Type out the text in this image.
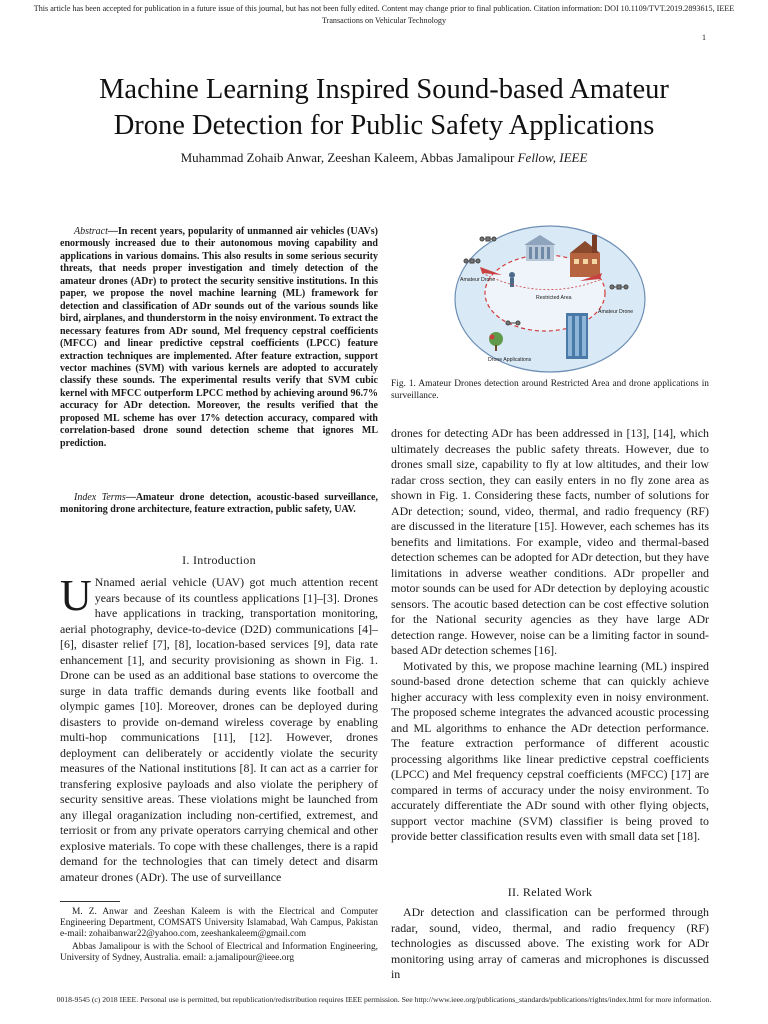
This article has been accepted for publication in a future issue of this journal, but has not been fully edited. Content may change prior to final publication. Citation information: DOI 10.1109/TVT.2019.2893615, IEEE
Transactions on Vehicular Technology
1
Machine Learning Inspired Sound-based Amateur
Drone Detection for Public Safety Applications
Muhammad Zohaib Anwar, Zeeshan Kaleem, Abbas Jamalipour Fellow, IEEE

Abstract—In recent years, popularity of unmanned air vehicles (UAVs) enormously increased due to their autonomous moving capability and applications in various domains. This also results in some serious security threats, that needs proper investigation and timely detection of the amateur drones (ADr) to protect the security sensitive institutions. In this paper, we propose the novel machine learning (ML) framework for detection and classification of ADr sounds out of the various sounds like bird, airplanes, and thunderstorm in the noisy environment. To extract the necessary features from ADr sound, Mel frequency cepstral coefficients (MFCC) and linear predictive cepstral coefficients (LPCC) feature extraction techniques are implemented. After feature extraction, support vector machines (SVM) with various kernels are adopted to accurately classify these sounds. The experimental results verify that SVM cubic kernel with MFCC outperform LPCC method by achieving around 96.7% accuracy for ADr detection. Moreover, the results verified that the proposed ML scheme has over 17% detection accuracy, compared with correlation-based drone sound detection scheme that ignores ML prediction.

Index Terms—Amateur drone detection, acoustic-based surveillance, monitoring drone architecture, feature extraction, public safety, UAV.

I. Introduction

U Nnamed aerial vehicle (UAV) got much attention recent years because of its countless applications [1]–[3]. Drones have applications in tracking, transportation monitoring, aerial photography, device-to-device (D2D) communications [4]–[6], disaster relief [7], [8], location-based services [9], data rate enhancement [1], and security provisioning as shown in Fig. 1. Drone can be used as an additional base stations to overcome the surge in data traffic demands during events like football and olympic games [10]. Moreover, drones can be deployed during disasters to provide on-demand wireless coverage by enabling multi-hop communications [11], [12]. However, drones deployment can deliberately or accidently violate the security measures of the National institutions [8]. It can act as a carrier for transfering explosive payloads and also violate the periphery of security sensitive areas. These violations might be launched from any illegal oraganization including non-certified, extremest, and terriosit or from any private operators carrying chemical and other explosive materials. To cope with these challenges, there is a rapid demand for the technologies that can timely detect and disarm amateur drones (ADr). The use of surveillance

M. Z. Anwar and Zeeshan Kaleem is with the Electrical and Computer Engineering Department, COMSATS University Islamabad, Wah Campus, Pakistan e-mail: zohaibanwar22@yahoo.com, zeeshankaleem@gmail.com

Abbas Jamalipour is with the School of Electrical and Information Engineering, University of Sydney, Australia. email: a.jamalipour@ieee.org

Amateur Drone
Restricted Area
Amateur Drone
Drone Applications

Fig. 1. Amateur Drones detection around Restricted Area and drone applications in surveillance.

drones for detecting ADr has been addressed in [13], [14], which ultimately decreases the public safety threats. However, due to drones small size, capability to fly at low altitudes, and their low radar cross section, they can easily enters in no fly zone area as shown in Fig. 1. Considering these facts, number of solutions for ADr detection; sound, video, thermal, and radio frequency (RF) are discussed in the literature [15]. However, each schemes has its benefits and limitations. For example, video and thermal-based detection schemes can be adopted for ADr detection, but they have limitations in adverse weather conditions. ADr propeller and motor sounds can be used for ADr detection by deploying acoustic sensors. The acoutic based detection can be cost effective solution for the National security agencies as they have large ADr detection range. However, noise can be a limiting factor in sound-based ADr detection schemes [16].

Motivated by this, we propose machine learning (ML) inspired sound-based drone detection scheme that can quickly achieve higher accuracy with less complexity even in noisy environment. The proposed scheme integrates the advanced acoustic processing and ML algorithms to enhance the ADr detection performance. The feature extraction performance of different acoustic processing algorithms like linear predictive cepstral coefficients (LPCC) and Mel frequency cepstral coefficients (MFCC) [17] are compared in terms of accuracy under the noisy environment. To accurately differentiate the ADr sound with other flying objects, support vector machine (SVM) classifier is being proved to provide better classification results even with small data set [18].

II. Related Work

ADr detection and classification can be performed through radar, sound, video, thermal, and radio frequency (RF) technologies as discussed above. The existing work for ADr monitoring using array of cameras and microphones is discussed in

0018-9545 (c) 2018 IEEE. Personal use is permitted, but republication/redistribution requires IEEE permission. See http://www.ieee.org/publications_standards/publications/rights/index.html for more information.
